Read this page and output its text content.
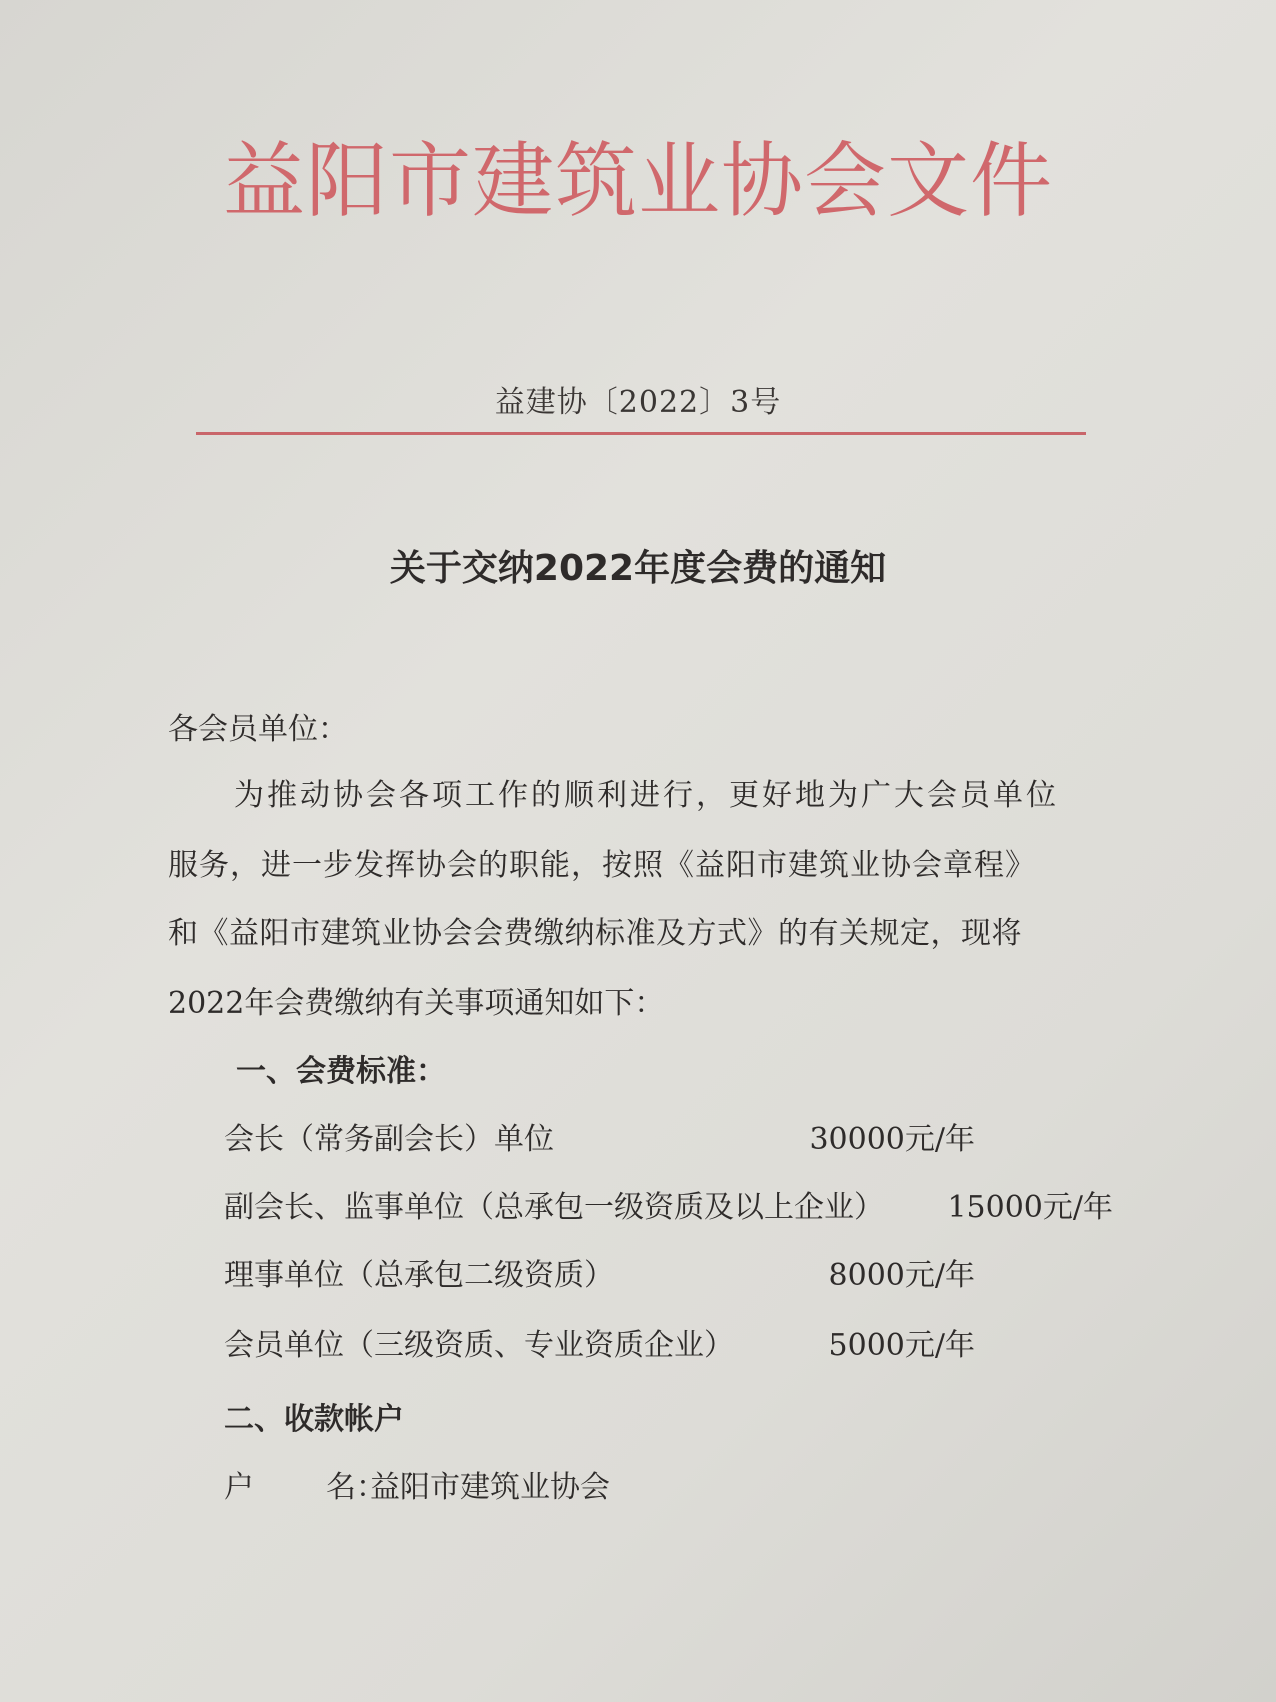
益阳市建筑业协会文件
益建协〔2022〕3号
关于交纳2022年度会费的通知
各会员单位：
为推动协会各项工作的顺利进行，更好地为广大会员单位
服务，进一步发挥协会的职能，按照《益阳市建筑业协会章程》
和《益阳市建筑业协会会费缴纳标准及方式》的有关规定，现将
2022年会费缴纳有关事项通知如下：
一、会费标准：
会长（常务副会长）单位	30000元/年
副会长、监事单位（总承包一级资质及以上企业） 15000元/年
理事单位（总承包二级资质）	8000元/年
会员单位（三级资质、专业资质企业）	5000元/年
二、收款帐户
户 名：益阳市建筑业协会
